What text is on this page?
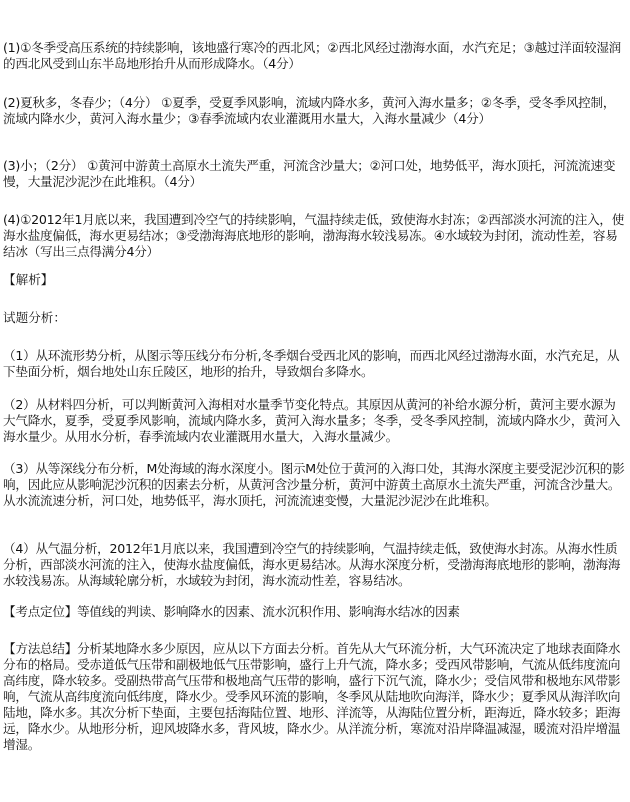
(1)①冬季受高压系统的持续影响，该地盛行寒冷的西北风；②西北风经过渤海水面，水汽充足；③越过洋面较湿润的西北风受到山东半岛地形抬升从而形成降水。（4分）
(2)夏秋多，冬春少；（4分） ①夏季，受夏季风影响，流域内降水多，黄河入海水量多；②冬季，受冬季风控制，流域内降水少，黄河入海水量少；③春季流域内农业灌溉用水量大，入海水量减少（4分）
(3)小；（2分） ①黄河中游黄土高原水土流失严重，河流含沙量大；②河口处，地势低平，海水顶托，河流流速变慢，大量泥沙泥沙在此堆积。（4分）
(4)①2012年1月底以来，我国遭到冷空气的持续影响，气温持续走低，致使海水封冻；②西部淡水河流的注入，使海水盐度偏低，海水更易结冰；③受渤海海底地形的影响，渤海海水较浅易冻。④水域较为封闭，流动性差，容易结冰（写出三点得满分4分）
【解析】
试题分析：
（1）从环流形势分析，从图示等压线分布分析,冬季烟台受西北风的影响，而西北风经过渤海水面，水汽充足，从下垫面分析，烟台地处山东丘陵区，地形的抬升，导致烟台多降水。
（2）从材料四分析，可以判断黄河入海相对水量季节变化特点。其原因从黄河的补给水源分析，黄河主要水源为大气降水，夏季，受夏季风影响，流域内降水多，黄河入海水量多；冬季，受冬季风控制，流域内降水少，黄河入海水量少。从用水分析，春季流域内农业灌溉用水量大，入海水量减少。
（3）从等深线分布分析，M处海域的海水深度小。图示M处位于黄河的入海口处，其海水深度主要受泥沙沉积的影响，因此应从影响泥沙沉积的因素去分析，从黄河含沙量分析，黄河中游黄土高原水土流失严重，河流含沙量大。从水流流速分析，河口处，地势低平，海水顶托，河流流速变慢，大量泥沙泥沙在此堆积。
（4）从气温分析，2012年1月底以来，我国遭到冷空气的持续影响，气温持续走低，致使海水封冻。从海水性质分析，西部淡水河流的注入，使海水盐度偏低，海水更易结冰。从海水深度分析，受渤海海底地形的影响，渤海海水较浅易冻。从海域轮廓分析，水域较为封闭，海水流动性差，容易结冰。
【考点定位】等值线的判读、影响降水的因素、流水沉积作用、影响海水结冰的因素
【方法总结】分析某地降水多少原因，应从以下方面去分析。首先从大气环流分析，大气环流决定了地球表面降水分布的格局。受赤道低气压带和副极地低气压带影响，盛行上升气流，降水多；受西风带影响，气流从低纬度流向高纬度，降水较多。受副热带高气压带和极地高气压带的影响，盛行下沉气流，降水少；受信风带和极地东风带影响，气流从高纬度流向低纬度，降水少。受季风环流的影响，冬季风从陆地吹向海洋，降水少；夏季风从海洋吹向陆地，降水多。其次分析下垫面，主要包括海陆位置、地形、洋流等，从海陆位置分析，距海近，降水较多；距海远，降水少。从地形分析，迎风坡降水多，背风坡，降水少。从洋流分析，寒流对沿岸降温减湿，暖流对沿岸增温增湿。
